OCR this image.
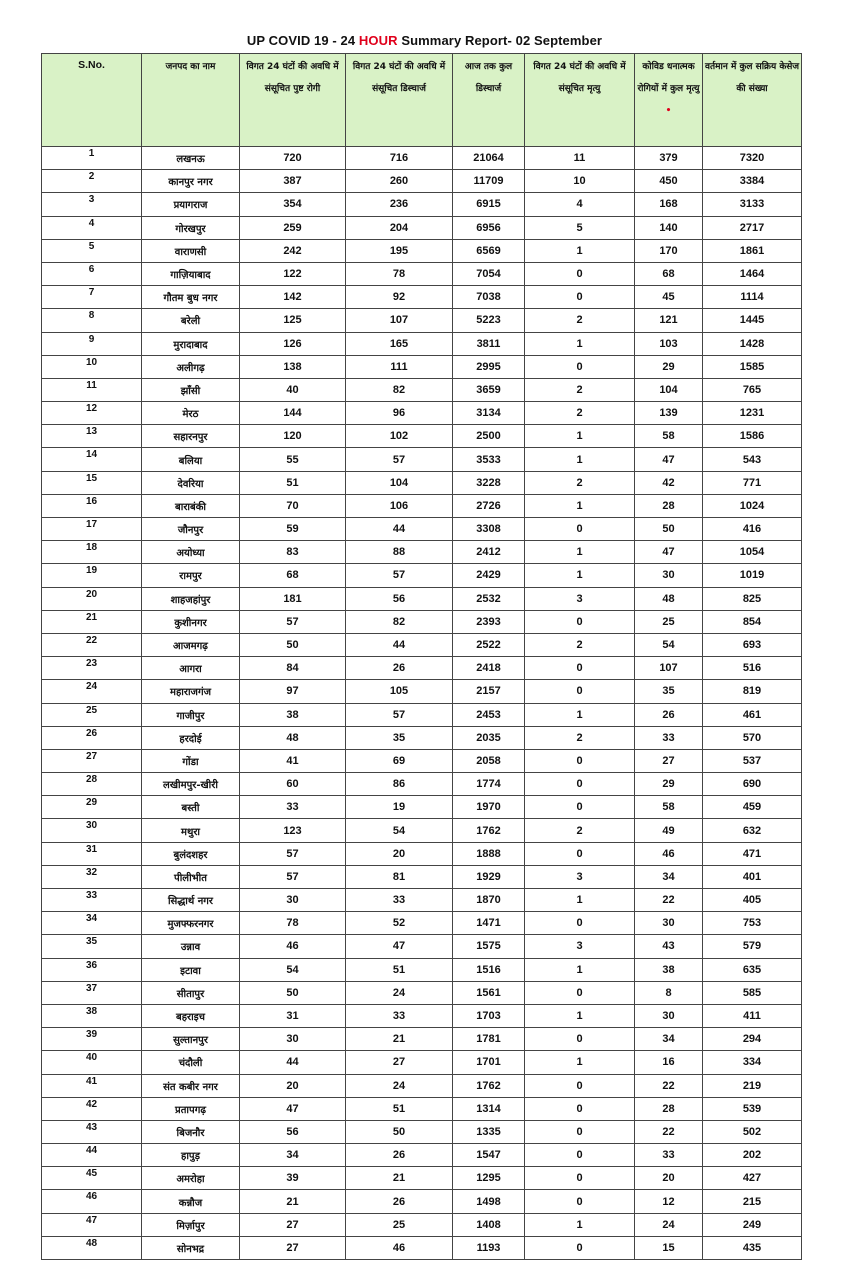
UP COVID 19 - 24 HOUR Summary Report- 02 September
S.No.	जनपद का नाम	विगत 24 घंटों की अवधि में संसूचित पुष्ट रोगी	विगत 24 घंटों की अवधि में संसूचित डिस्चार्ज	आज तक कुल डिस्चार्ज	विगत 24 घंटों की अवधि में संसूचित मृत्यु	कोविड धनात्मक रोगियों में कुल मृत्यु •	वर्तमान में कुल सक्रिय केसेज की संख्या
1	लखनऊ	720	716	21064	11	379	7320
2	कानपुर नगर	387	260	11709	10	450	3384
3	प्रयागराज	354	236	6915	4	168	3133
4	गोरखपुर	259	204	6956	5	140	2717
5	वाराणसी	242	195	6569	1	170	1861
6	गाज़ियाबाद	122	78	7054	0	68	1464
7	गौतम बुध नगर	142	92	7038	0	45	1114
8	बरेली	125	107	5223	2	121	1445
9	मुरादाबाद	126	165	3811	1	103	1428
10	अलीगढ़	138	111	2995	0	29	1585
11	झाँसी	40	82	3659	2	104	765
12	मेरठ	144	96	3134	2	139	1231
13	सहारनपुर	120	102	2500	1	58	1586
14	बलिया	55	57	3533	1	47	543
15	देवरिया	51	104	3228	2	42	771
16	बाराबंकी	70	106	2726	1	28	1024
17	जौनपुर	59	44	3308	0	50	416
18	अयोध्या	83	88	2412	1	47	1054
19	रामपुर	68	57	2429	1	30	1019
20	शाहजहांपुर	181	56	2532	3	48	825
21	कुशीनगर	57	82	2393	0	25	854
22	आजमगढ़	50	44	2522	2	54	693
23	आगरा	84	26	2418	0	107	516
24	महाराजगंज	97	105	2157	0	35	819
25	गाजीपुर	38	57	2453	1	26	461
26	हरदोई	48	35	2035	2	33	570
27	गोंडा	41	69	2058	0	27	537
28	लखीमपुर-खीरी	60	86	1774	0	29	690
29	बस्ती	33	19	1970	0	58	459
30	मथुरा	123	54	1762	2	49	632
31	बुलंदशहर	57	20	1888	0	46	471
32	पीलीभीत	57	81	1929	3	34	401
33	सिद्धार्थ नगर	30	33	1870	1	22	405
34	मुजफ्फरनगर	78	52	1471	0	30	753
35	उन्नाव	46	47	1575	3	43	579
36	इटावा	54	51	1516	1	38	635
37	सीतापुर	50	24	1561	0	8	585
38	बहराइच	31	33	1703	1	30	411
39	सुल्तानपुर	30	21	1781	0	34	294
40	चंदौली	44	27	1701	1	16	334
41	संत कबीर नगर	20	24	1762	0	22	219
42	प्रतापगढ़	47	51	1314	0	28	539
43	बिजनौर	56	50	1335	0	22	502
44	हापुड़	34	26	1547	0	33	202
45	अमरोहा	39	21	1295	0	20	427
46	कन्नौज	21	26	1498	0	12	215
47	मिर्ज़ापुर	27	25	1408	1	24	249
48	सोनभद्र	27	46	1193	0	15	435
